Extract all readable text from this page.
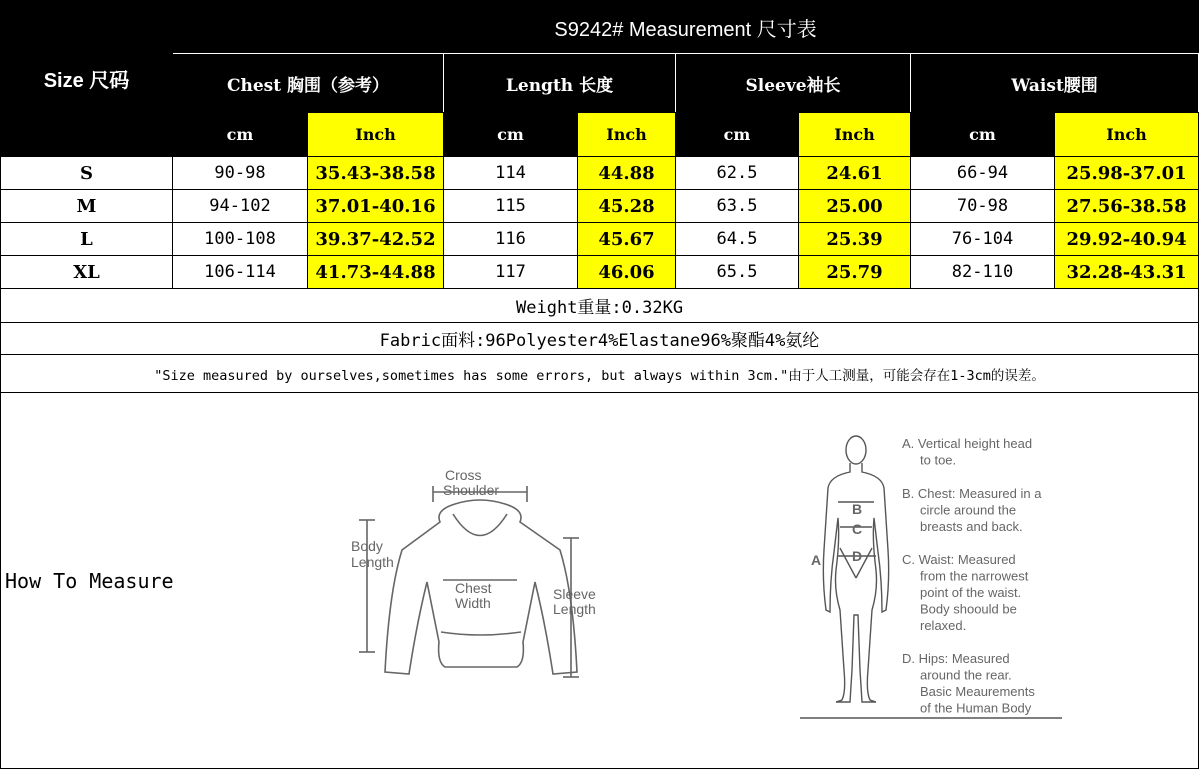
Size 尺码	S9242# Measurement 尺寸表							
	Chest 胸围（参考）		Length 长度		Sleeve袖长		Waist腰围	
	cm	Inch	cm	Inch	cm	Inch	cm	Inch
S	90-98	35.43-38.58	114	44.88	62.5	24.61	66-94	25.98-37.01
M	94-102	37.01-40.16	115	45.28	63.5	25.00	70-98	27.56-38.58
L	100-108	39.37-42.52	116	45.67	64.5	25.39	76-104	29.92-40.94
XL	106-114	41.73-44.88	117	46.06	65.5	25.79	82-110	32.28-43.31
Weight重量:0.32KG								
Fabric面料:96Polyester4%Elastane96%聚酯4%氨纶								
"Size measured by ourselves,sometimes has some errors, but always within 3cm."由于人工测量，可能会存在1-3cm的误差。								
How To Measure								
Cross Shoulder
Body Length
Chest Width
Sleeve Length
A
B
C
D
A. Vertical height head
to toe.
B. Chest: Measured in a
circle around the
breasts and back.
C. Waist: Measured
from the narrowest
point of the waist.
Body shoould be
relaxed.
D. Hips: Measured
around the rear.
Basic Meaurements
of the Human Body
